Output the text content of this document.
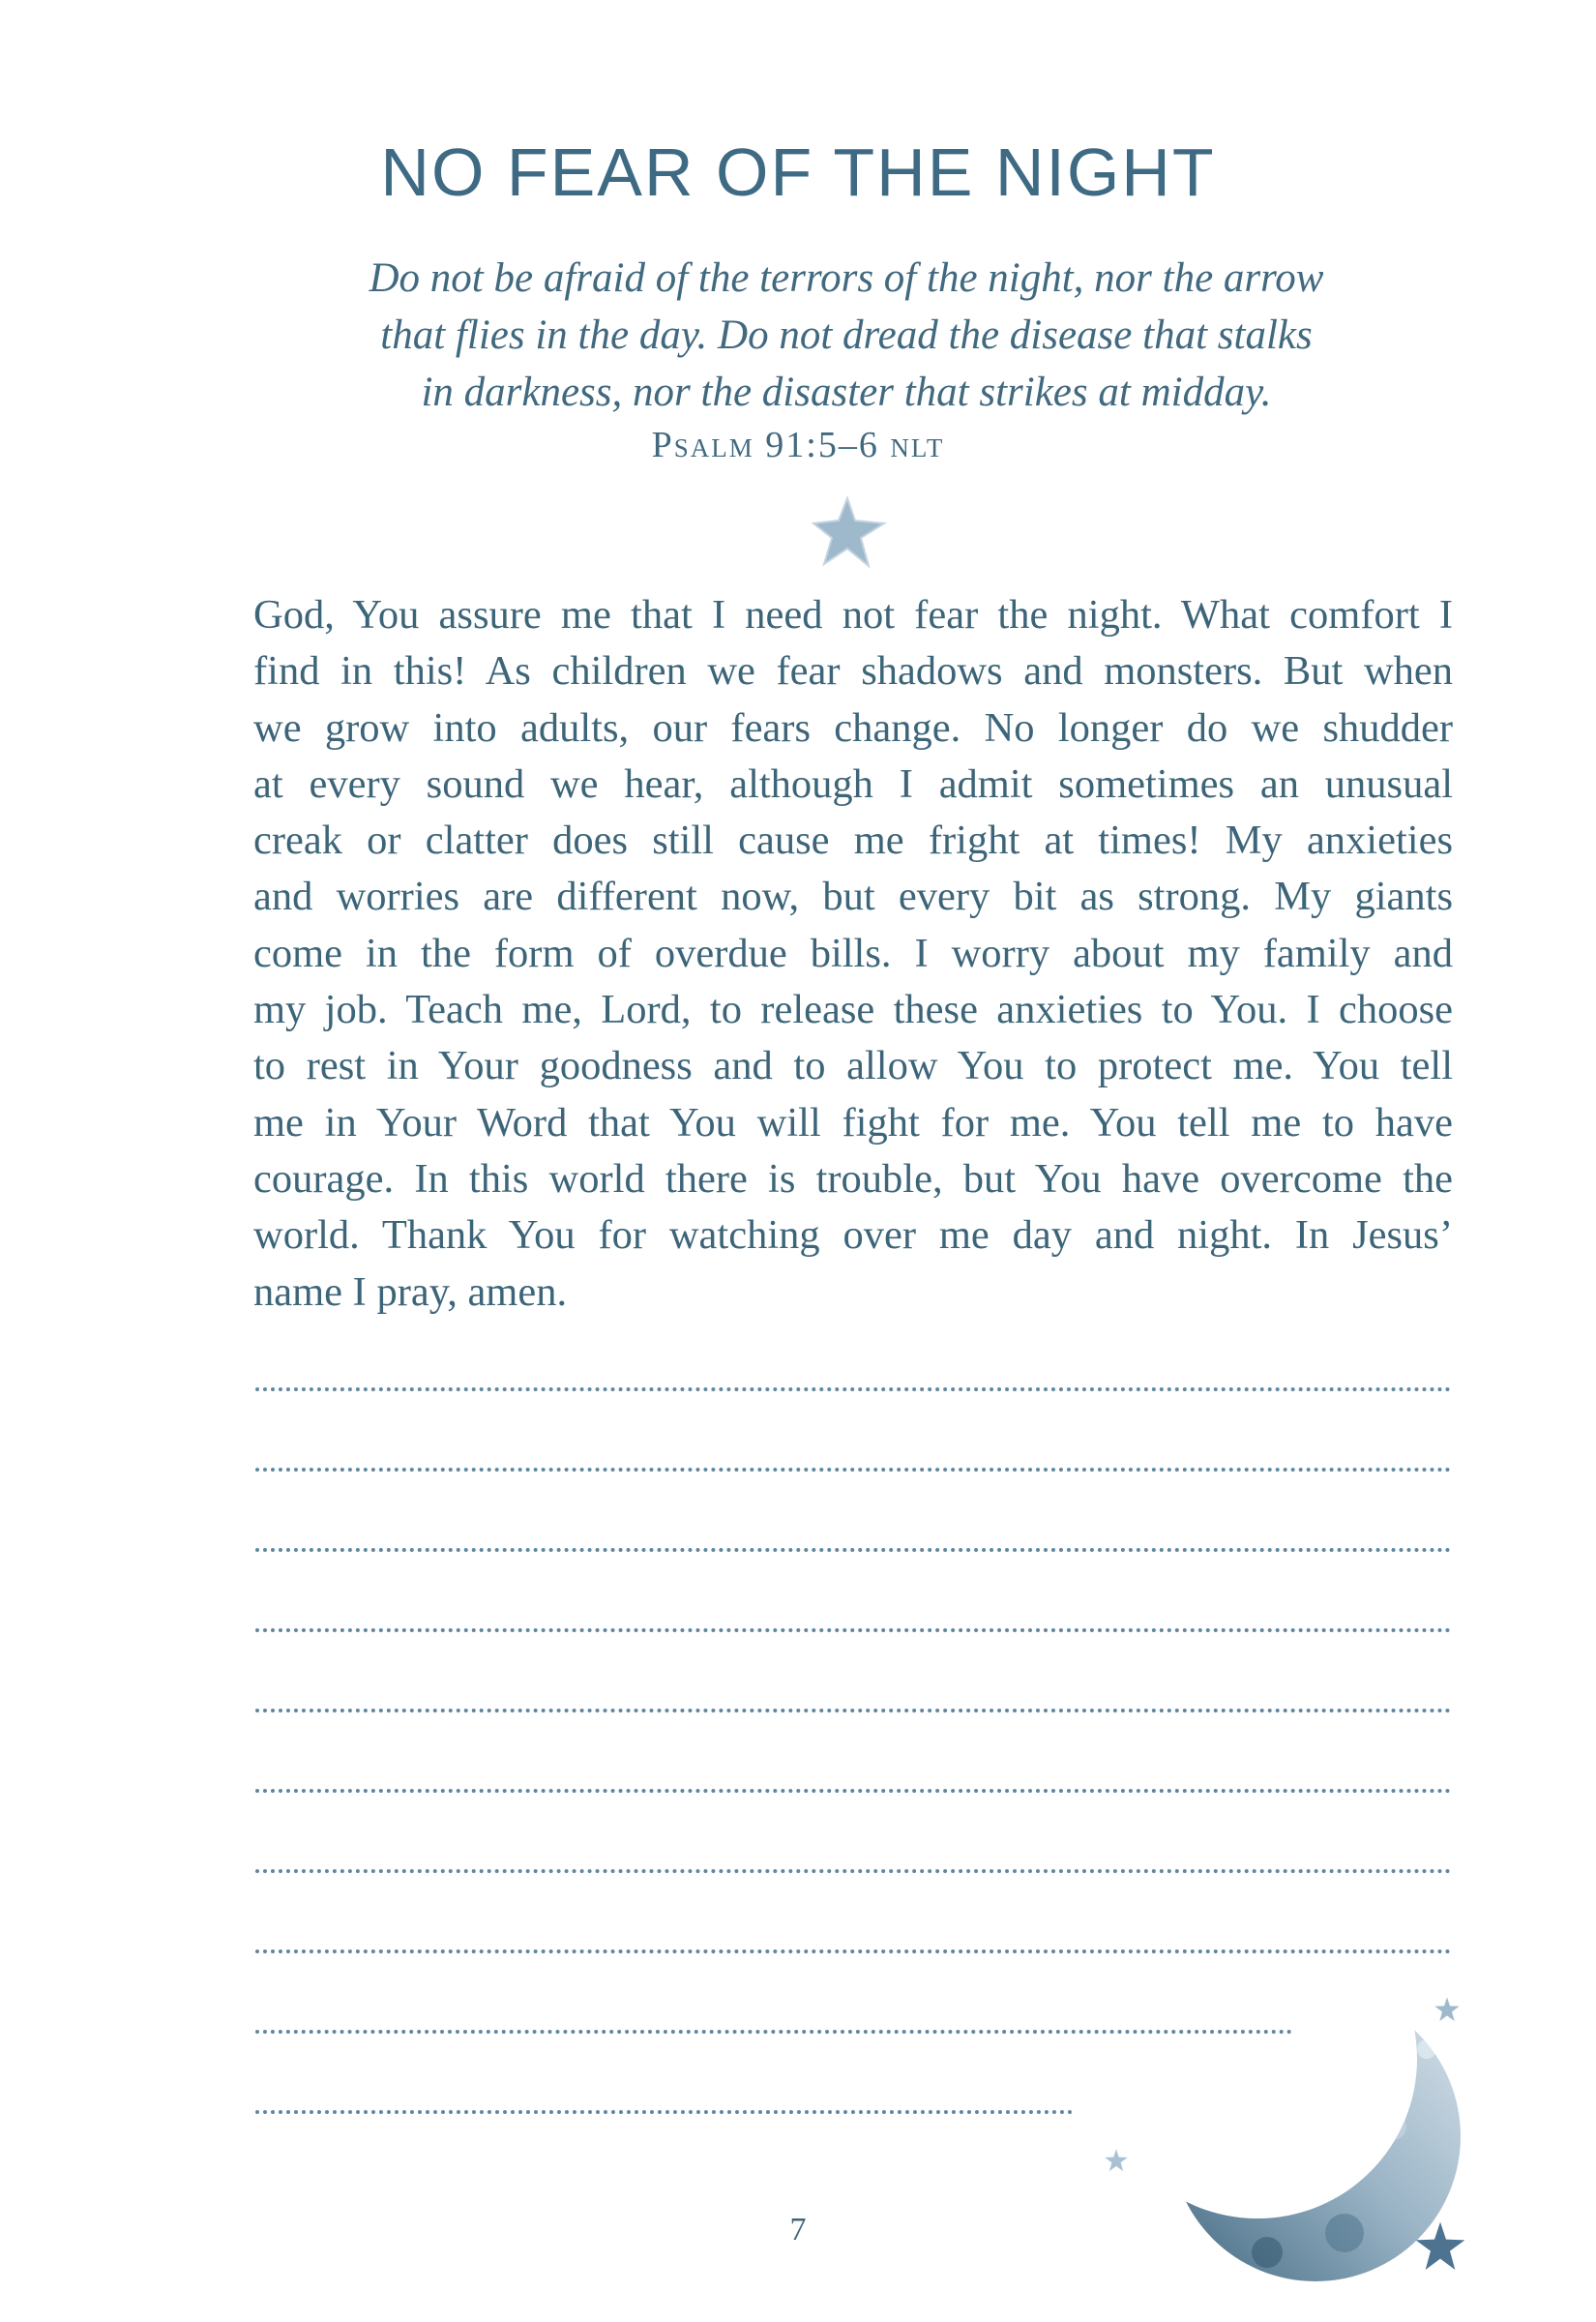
NO FEAR OF THE NIGHT
Do not be afraid of the terrors of the night, nor the arrow
that flies in the day. Do not dread the disease that stalks
in darkness, nor the disaster that strikes at midday.
Psalm 91:5–6 nlt
God, You assure me that I need not fear the night. What comfort I
find in this! As children we fear shadows and monsters. But when
we grow into adults, our fears change. No longer do we shudder
at every sound we hear, although I admit sometimes an unusual
creak or clatter does still cause me fright at times! My anxieties
and worries are different now, but every bit as strong. My giants
come in the form of overdue bills. I worry about my family and
my job. Teach me, Lord, to release these anxieties to You. I choose
to rest in Your goodness and to allow You to protect me. You tell
me in Your Word that You will fight for me. You tell me to have
courage. In this world there is trouble, but You have overcome the
world. Thank You for watching over me day and night. In Jesus’
name I pray, amen.
7
